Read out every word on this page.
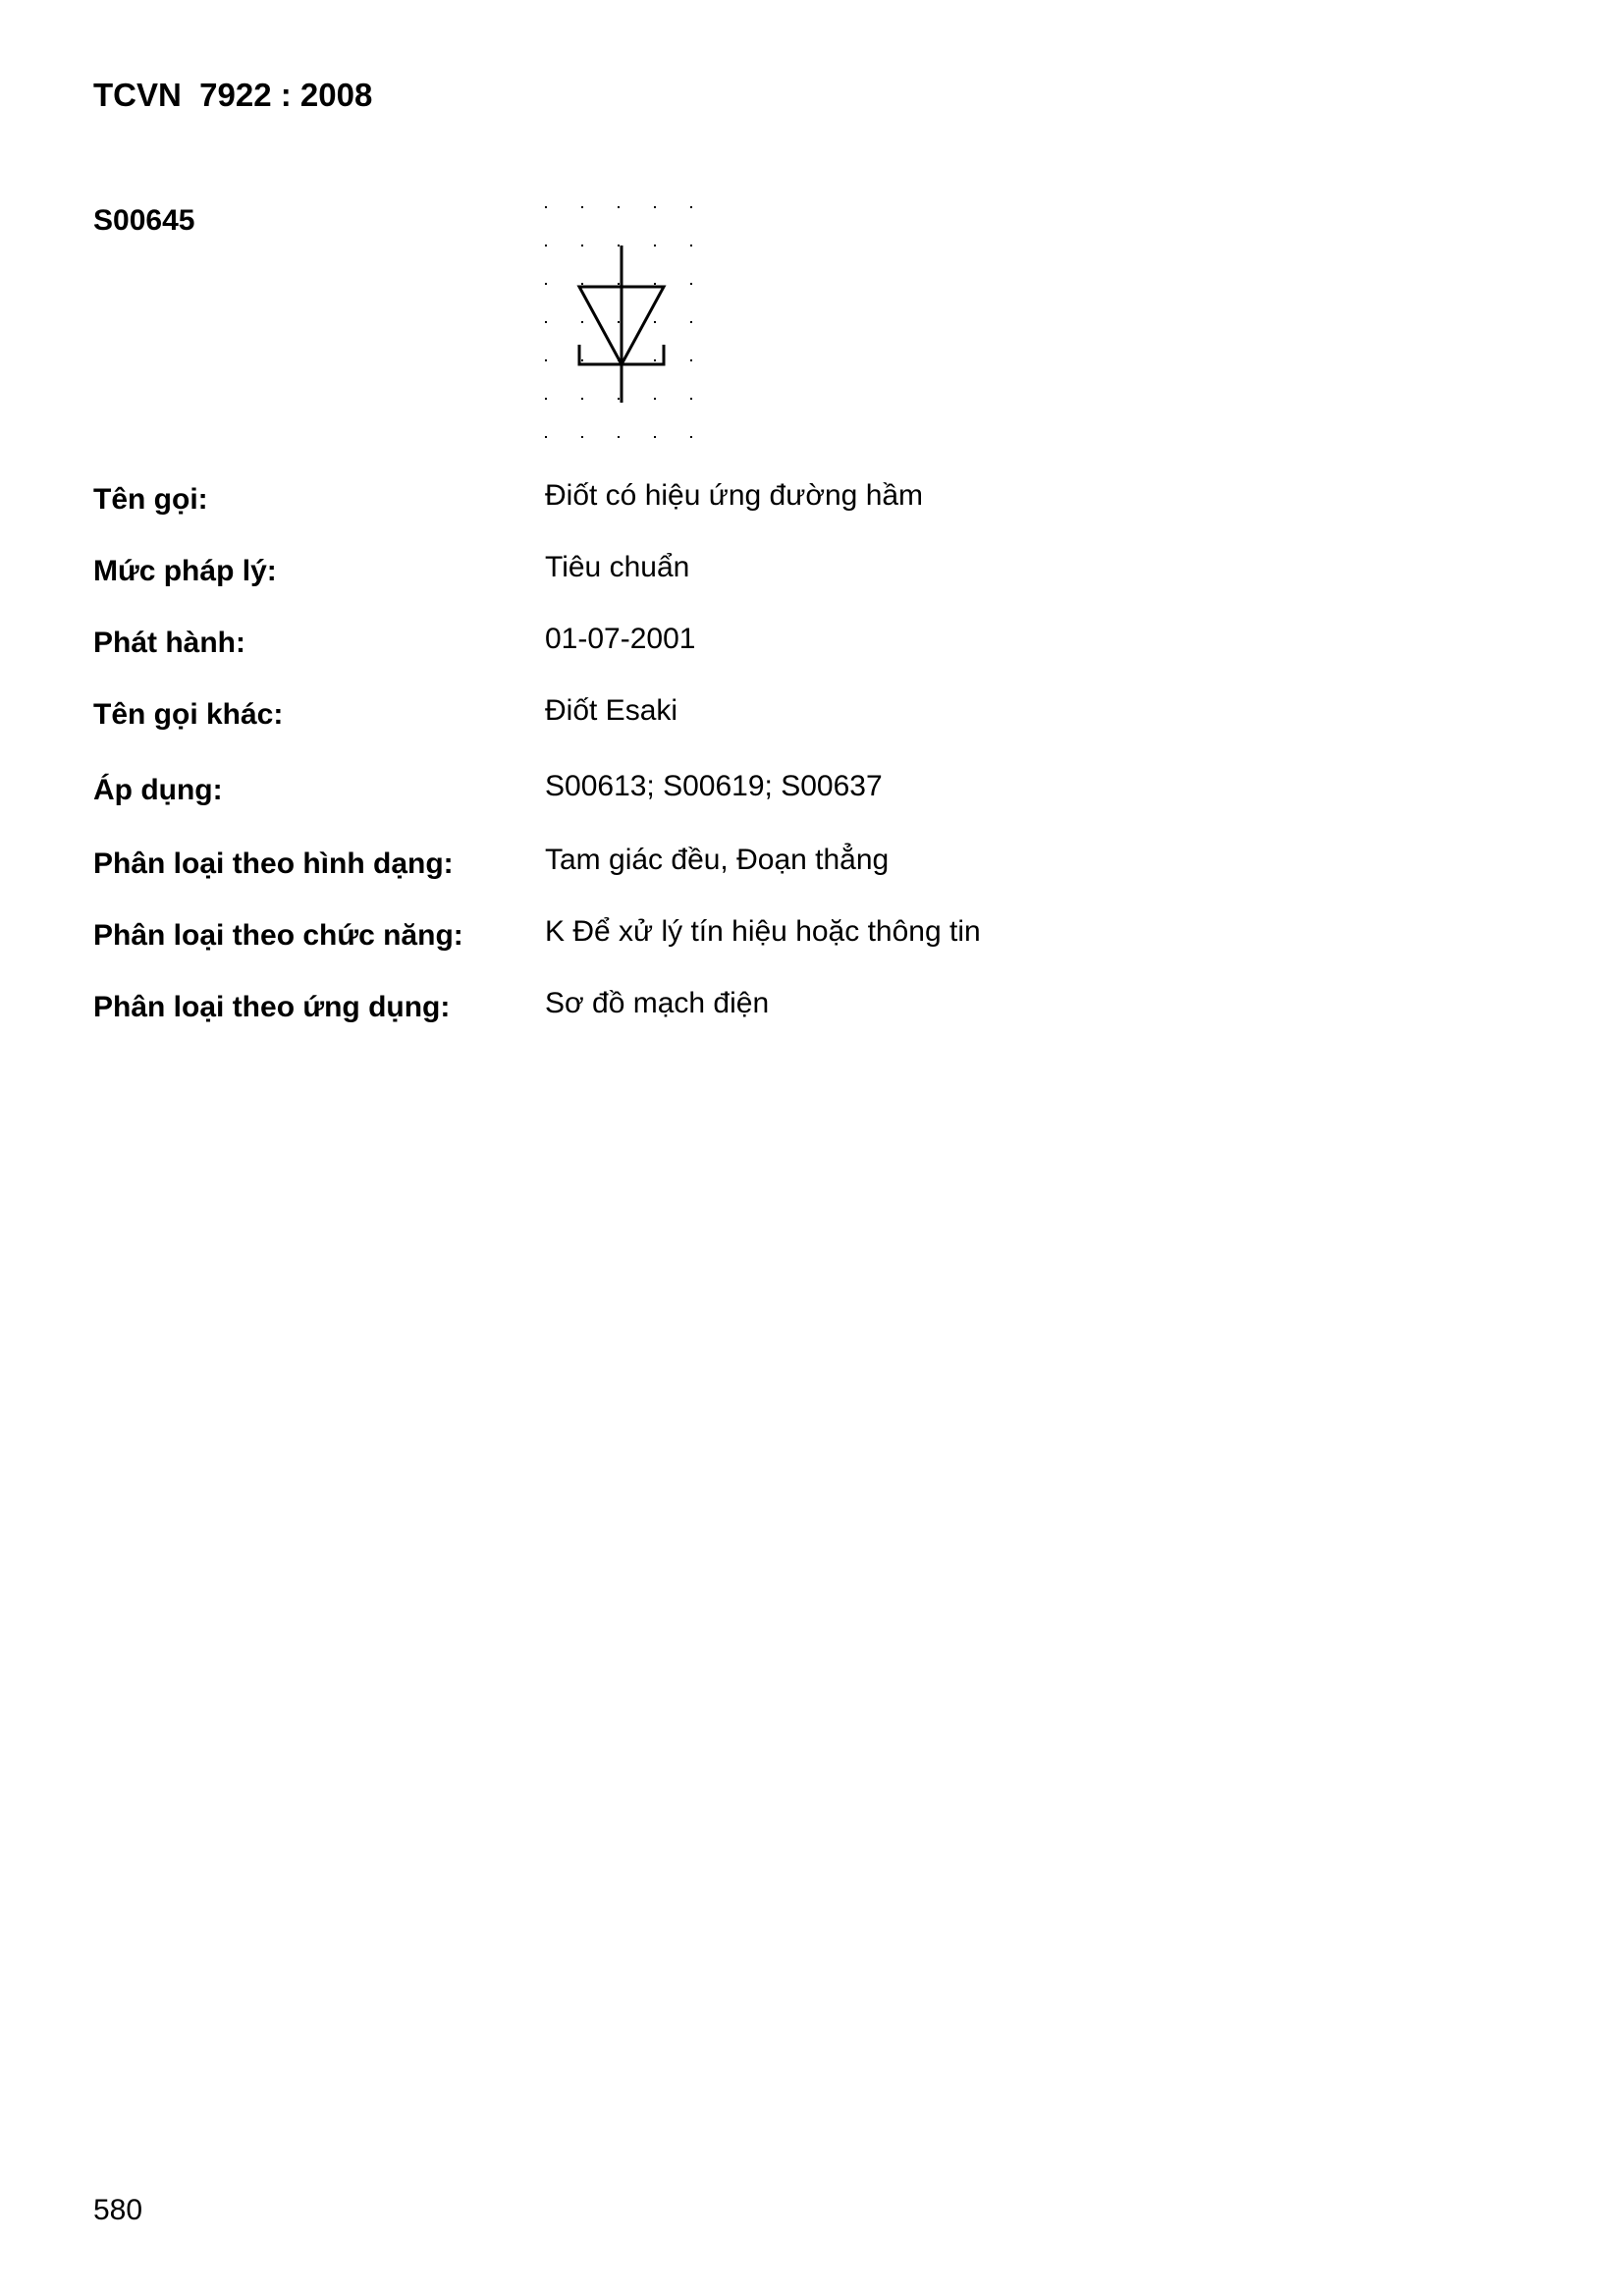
TCVN  7922 : 2008
S00645
Tên gọi:	Điốt có hiệu ứng đường hầm
Mức pháp lý:	Tiêu chuẩn
Phát hành:	01-07-2001
Tên gọi khác:	Điốt Esaki
Áp dụng:	S00613; S00619; S00637
Phân loại theo hình dạng:	Tam giác đều, Đoạn thẳng
Phân loại theo chức năng:	K Để xử lý tín hiệu hoặc thông tin
Phân loại theo ứng dụng:	Sơ đồ mạch điện
580
